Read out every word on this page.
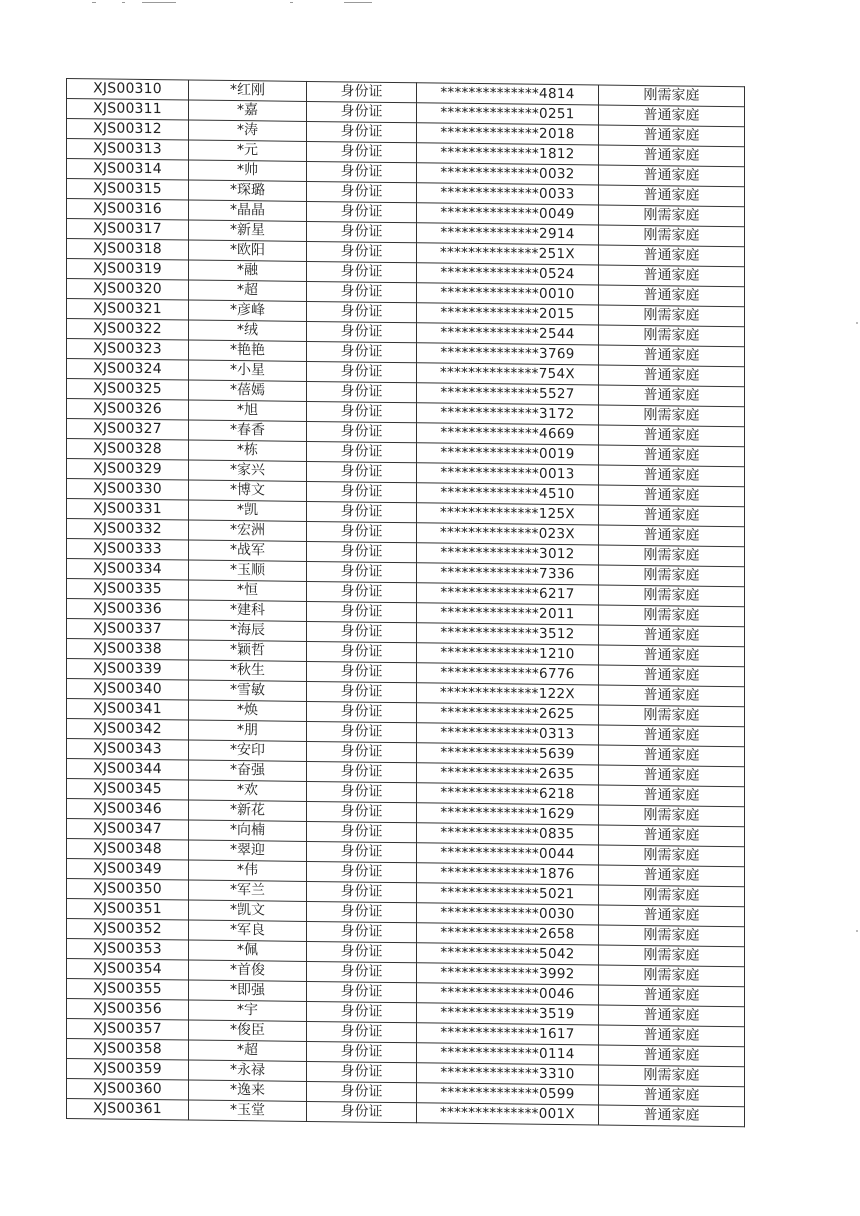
XJS00310	*红刚	身份证	**************4814	刚需家庭
XJS00311	*嘉	身份证	**************0251	普通家庭
XJS00312	*涛	身份证	**************2018	普通家庭
XJS00313	*元	身份证	**************1812	普通家庭
XJS00314	*帅	身份证	**************0032	普通家庭
XJS00315	*琛璐	身份证	**************0033	普通家庭
XJS00316	*晶晶	身份证	**************0049	刚需家庭
XJS00317	*新星	身份证	**************2914	刚需家庭
XJS00318	*欧阳	身份证	**************251X	普通家庭
XJS00319	*融	身份证	**************0524	普通家庭
XJS00320	*超	身份证	**************0010	普通家庭
XJS00321	*彦峰	身份证	**************2015	刚需家庭
XJS00322	*绒	身份证	**************2544	刚需家庭
XJS00323	*艳艳	身份证	**************3769	普通家庭
XJS00324	*小星	身份证	**************754X	普通家庭
XJS00325	*蓓嫣	身份证	**************5527	普通家庭
XJS00326	*旭	身份证	**************3172	刚需家庭
XJS00327	*春香	身份证	**************4669	普通家庭
XJS00328	*栋	身份证	**************0019	普通家庭
XJS00329	*家兴	身份证	**************0013	普通家庭
XJS00330	*博文	身份证	**************4510	普通家庭
XJS00331	*凯	身份证	**************125X	普通家庭
XJS00332	*宏洲	身份证	**************023X	普通家庭
XJS00333	*战军	身份证	**************3012	刚需家庭
XJS00334	*玉顺	身份证	**************7336	刚需家庭
XJS00335	*恒	身份证	**************6217	刚需家庭
XJS00336	*建科	身份证	**************2011	刚需家庭
XJS00337	*海辰	身份证	**************3512	普通家庭
XJS00338	*颖哲	身份证	**************1210	普通家庭
XJS00339	*秋生	身份证	**************6776	普通家庭
XJS00340	*雪敏	身份证	**************122X	普通家庭
XJS00341	*焕	身份证	**************2625	刚需家庭
XJS00342	*朋	身份证	**************0313	普通家庭
XJS00343	*安印	身份证	**************5639	普通家庭
XJS00344	*奋强	身份证	**************2635	普通家庭
XJS00345	*欢	身份证	**************6218	普通家庭
XJS00346	*新花	身份证	**************1629	刚需家庭
XJS00347	*向楠	身份证	**************0835	普通家庭
XJS00348	*翠迎	身份证	**************0044	刚需家庭
XJS00349	*伟	身份证	**************1876	普通家庭
XJS00350	*军兰	身份证	**************5021	刚需家庭
XJS00351	*凯文	身份证	**************0030	普通家庭
XJS00352	*军良	身份证	**************2658	刚需家庭
XJS00353	*佩	身份证	**************5042	刚需家庭
XJS00354	*首俊	身份证	**************3992	刚需家庭
XJS00355	*即强	身份证	**************0046	普通家庭
XJS00356	*宇	身份证	**************3519	普通家庭
XJS00357	*俊臣	身份证	**************1617	普通家庭
XJS00358	*超	身份证	**************0114	普通家庭
XJS00359	*永禄	身份证	**************3310	刚需家庭
XJS00360	*逸来	身份证	**************0599	普通家庭
XJS00361	*玉堂	身份证	**************001X	普通家庭
